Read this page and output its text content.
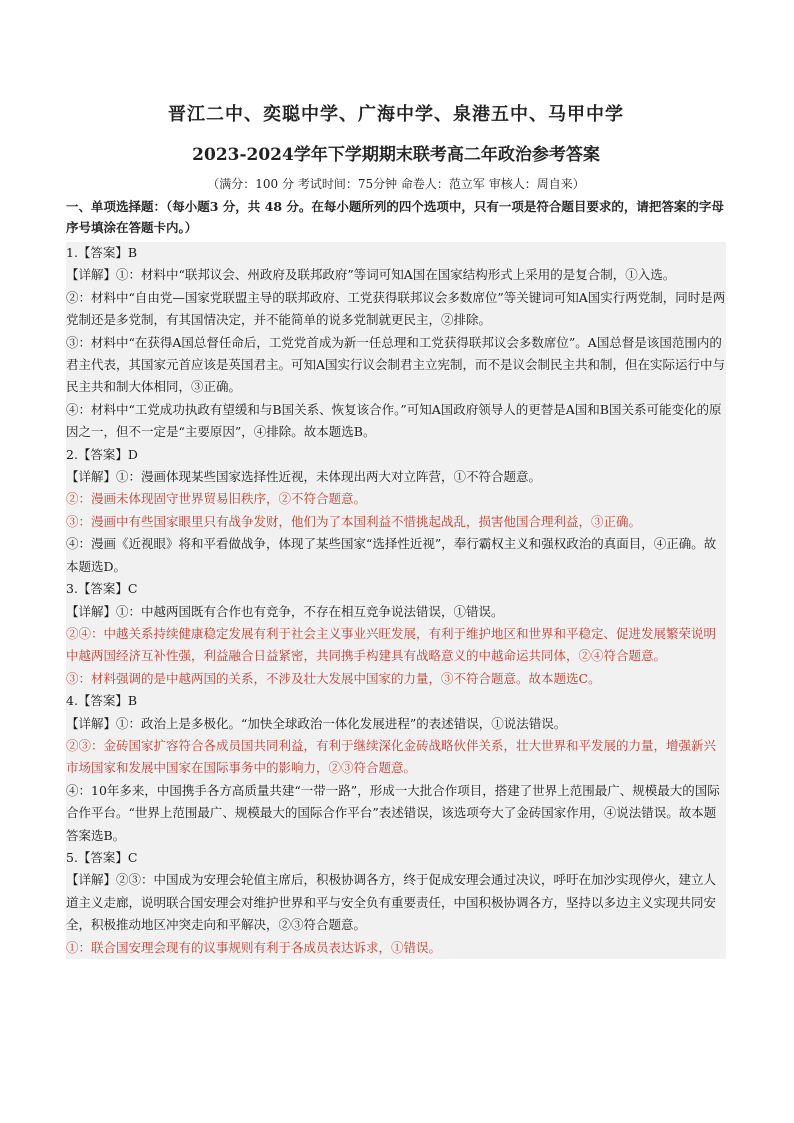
晋江二中、奕聪中学、广海中学、泉港五中、马甲中学
2023-2024学年下学期期末联考高二年政治参考答案
（满分：100 分 考试时间：75分钟 命卷人：范立军 审核人：周自来）
一、单项选择题：（每小题3 分，共 48 分。在每小题所列的四个选项中，只有一项是符合题目要求的，请把答案的字母序号填涂在答题卡内。）
1.【答案】B
【详解】①：材料中“联邦议会、州政府及联邦政府”等词可知A国在国家结构形式上采用的是复合制，①入选。
②：材料中“自由党—国家党联盟主导的联邦政府、工党获得联邦议会多数席位”等关键词可知A国实行两党制，同时是两党制还是多党制，有其国情决定，并不能简单的说多党制就更民主，②排除。
③：材料中“在获得A国总督任命后，工党党首成为新一任总理和工党获得联邦议会多数席位”。A国总督是该国范围内的君主代表，其国家元首应该是英国君主。可知A国实行议会制君主立宪制，而不是议会制民主共和制，但在实际运行中与民主共和制大体相同，③正确。
④：材料中“工党成功执政有望缓和与B国关系、恢复该合作。”可知A国政府领导人的更替是A国和B国关系可能变化的原因之一，但不一定是“主要原因”，④排除。故本题选B。
2.【答案】D
【详解】①：漫画体现某些国家选择性近视，未体现出两大对立阵营，①不符合题意。
②：漫画未体现固守世界贸易旧秩序，②不符合题意。
③：漫画中有些国家眼里只有战争发财，他们为了本国利益不惜挑起战乱，损害他国合理利益，③正确。
④：漫画《近视眼》将和平看做战争，体现了某些国家“选择性近视”，奉行霸权主义和强权政治的真面目，④正确。故本题选D。
3.【答案】C
【详解】①：中越两国既有合作也有竞争，不存在相互竞争说法错误，①错误。
②④：中越关系持续健康稳定发展有利于社会主义事业兴旺发展，有利于维护地区和世界和平稳定、促进发展繁荣说明中越两国经济互补性强，利益融合日益紧密，共同携手构建具有战略意义的中越命运共同体，②④符合题意。
③：材料强调的是中越两国的关系，不涉及壮大发展中国家的力量，③不符合题意。故本题选C。
4.【答案】B
【详解】①：政治上是多极化。“加快全球政治一体化发展进程”的表述错误，①说法错误。
②③：金砖国家扩容符合各成员国共同利益，有利于继续深化金砖战略伙伴关系，壮大世界和平发展的力量，增强新兴市场国家和发展中国家在国际事务中的影响力，②③符合题意。
④：10年多来，中国携手各方高质量共建“一带一路”，形成一大批合作项目，搭建了世界上范围最广、规模最大的国际合作平台。“世界上范围最广、规模最大的国际合作平台”表述错误，该选项夸大了金砖国家作用，④说法错误。故本题答案选B。
5.【答案】C
【详解】②③：中国成为安理会轮值主席后，积极协调各方，终于促成安理会通过决议，呼吁在加沙实现停火，建立人道主义走廊，说明联合国安理会对维护世界和平与安全负有重要责任，中国积极协调各方，坚持以多边主义实现共同安全，积极推动地区冲突走向和平解决，②③符合题意。
①：联合国安理会现有的议事规则有利于各成员表达诉求，①错误。
